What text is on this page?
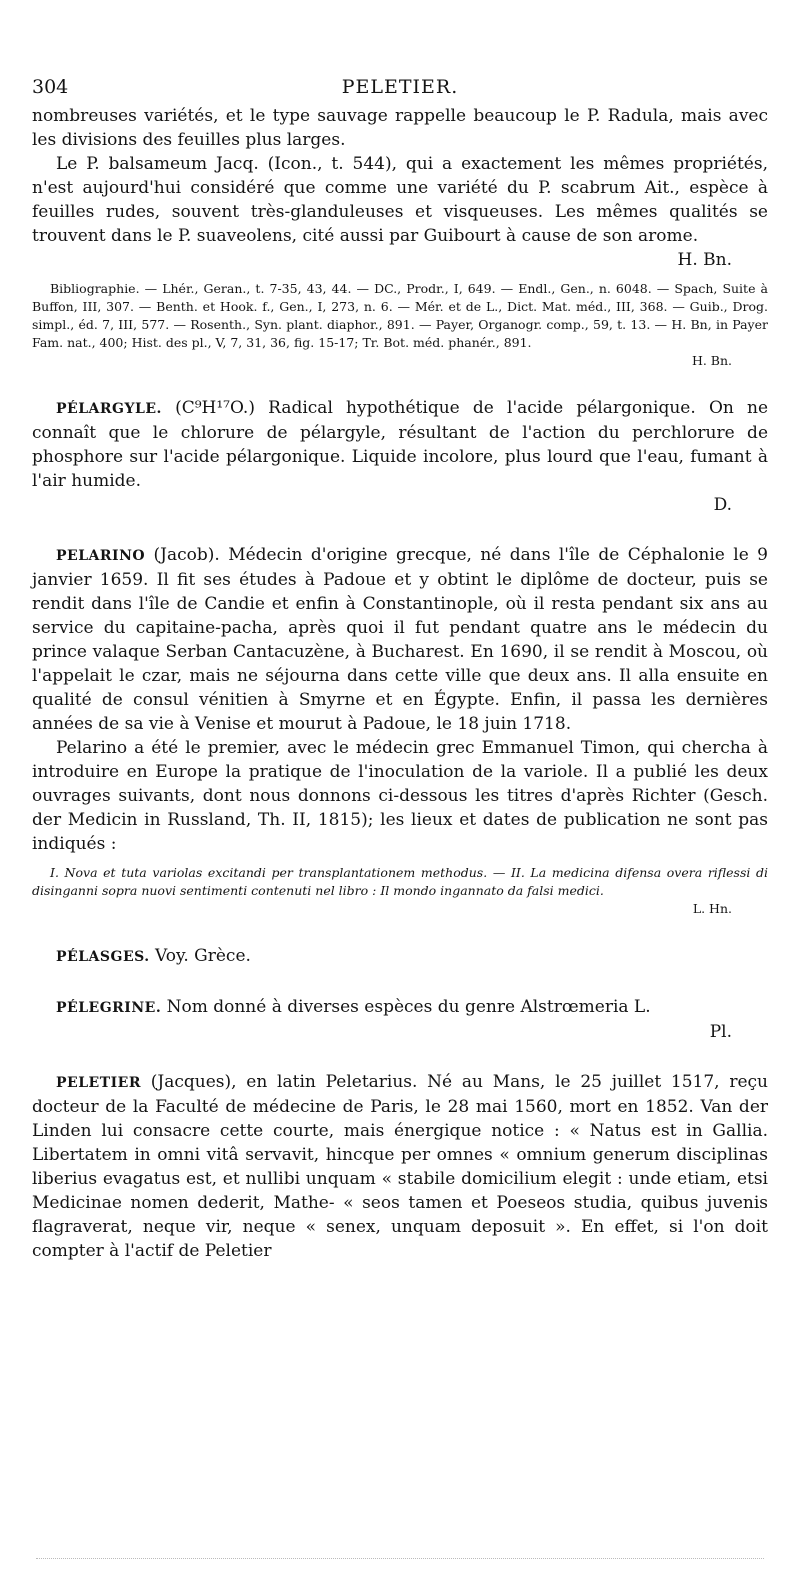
304	PELETIER.

nombreuses variétés, et le type sauvage rappelle beaucoup le P. Radula, mais avec les divisions des feuilles plus larges.

Le P. balsameum Jacq. (Icon., t. 544), qui a exactement les mêmes propriétés, n'est aujourd'hui considéré que comme une variété du P. scabrum Ait., espèce à feuilles rudes, souvent très-glanduleuses et visqueuses. Les mêmes qualités se trouvent dans le P. suaveolens, cité aussi par Guibourt à cause de son arome.

H. Bn.

Bibliographie. — Lhér., Geran., t. 7-35, 43, 44. — DC., Prodr., I, 649. — Endl., Gen., n. 6048. — Spach, Suite à Buffon, III, 307. — Benth. et Hook. f., Gen., I, 273, n. 6. — Mér. et de L., Dict. Mat. méd., III, 368. — Guib., Drog. simpl., éd. 7, III, 577. — Rosenth., Syn. plant. diaphor., 891. — Payer, Organogr. comp., 59, t. 13. — H. Bn, in Payer Fam. nat., 400; Hist. des pl., V, 7, 31, 36, fig. 15-17; Tr. Bot. méd. phanér., 891.

H. Bn.

PÉLARGYLE. (C⁹H¹⁷O.) Radical hypothétique de l'acide pélargonique. On ne connaît que le chlorure de pélargyle, résultant de l'action du perchlorure de phosphore sur l'acide pélargonique. Liquide incolore, plus lourd que l'eau, fumant à l'air humide.

D.

PELARINO (Jacob). Médecin d'origine grecque, né dans l'île de Céphalonie le 9 janvier 1659. Il fit ses études à Padoue et y obtint le diplôme de docteur, puis se rendit dans l'île de Candie et enfin à Constantinople, où il resta pendant six ans au service du capitaine-pacha, après quoi il fut pendant quatre ans le médecin du prince valaque Serban Cantacuzène, à Bucharest. En 1690, il se rendit à Moscou, où l'appelait le czar, mais ne séjourna dans cette ville que deux ans. Il alla ensuite en qualité de consul vénitien à Smyrne et en Égypte. Enfin, il passa les dernières années de sa vie à Venise et mourut à Padoue, le 18 juin 1718.

Pelarino a été le premier, avec le médecin grec Emmanuel Timon, qui chercha à introduire en Europe la pratique de l'inoculation de la variole. Il a publié les deux ouvrages suivants, dont nous donnons ci-dessous les titres d'après Richter (Gesch. der Medicin in Russland, Th. II, 1815); les lieux et dates de publication ne sont pas indiqués :

I. Nova et tuta variolas excitandi per transplantationem methodus. — II. La medicina difensa overa riflessi di disinganni sopra nuovi sentimenti contenuti nel libro : Il mondo ingannato da falsi medici.

L. Hn.

PÉLASGES. Voy. Grèce.

PÉLEGRINE. Nom donné à diverses espèces du genre Alstrœmeria L.

Pl.

PELETIER (Jacques), en latin Peletarius. Né au Mans, le 25 juillet 1517, reçu docteur de la Faculté de médecine de Paris, le 28 mai 1560, mort en 1852. Van der Linden lui consacre cette courte, mais énergique notice : « Natus est in Gallia. Libertatem in omni vitâ servavit, hincque per omnes « omnium generum disciplinas liberius evagatus est, et nullibi unquam « stabile domicilium elegit : unde etiam, etsi Medicinae nomen dederit, Mathe- « seos tamen et Poeseos studia, quibus juvenis flagraverat, neque vir, neque « senex, unquam deposuit ». En effet, si l'on doit compter à l'actif de Peletier
